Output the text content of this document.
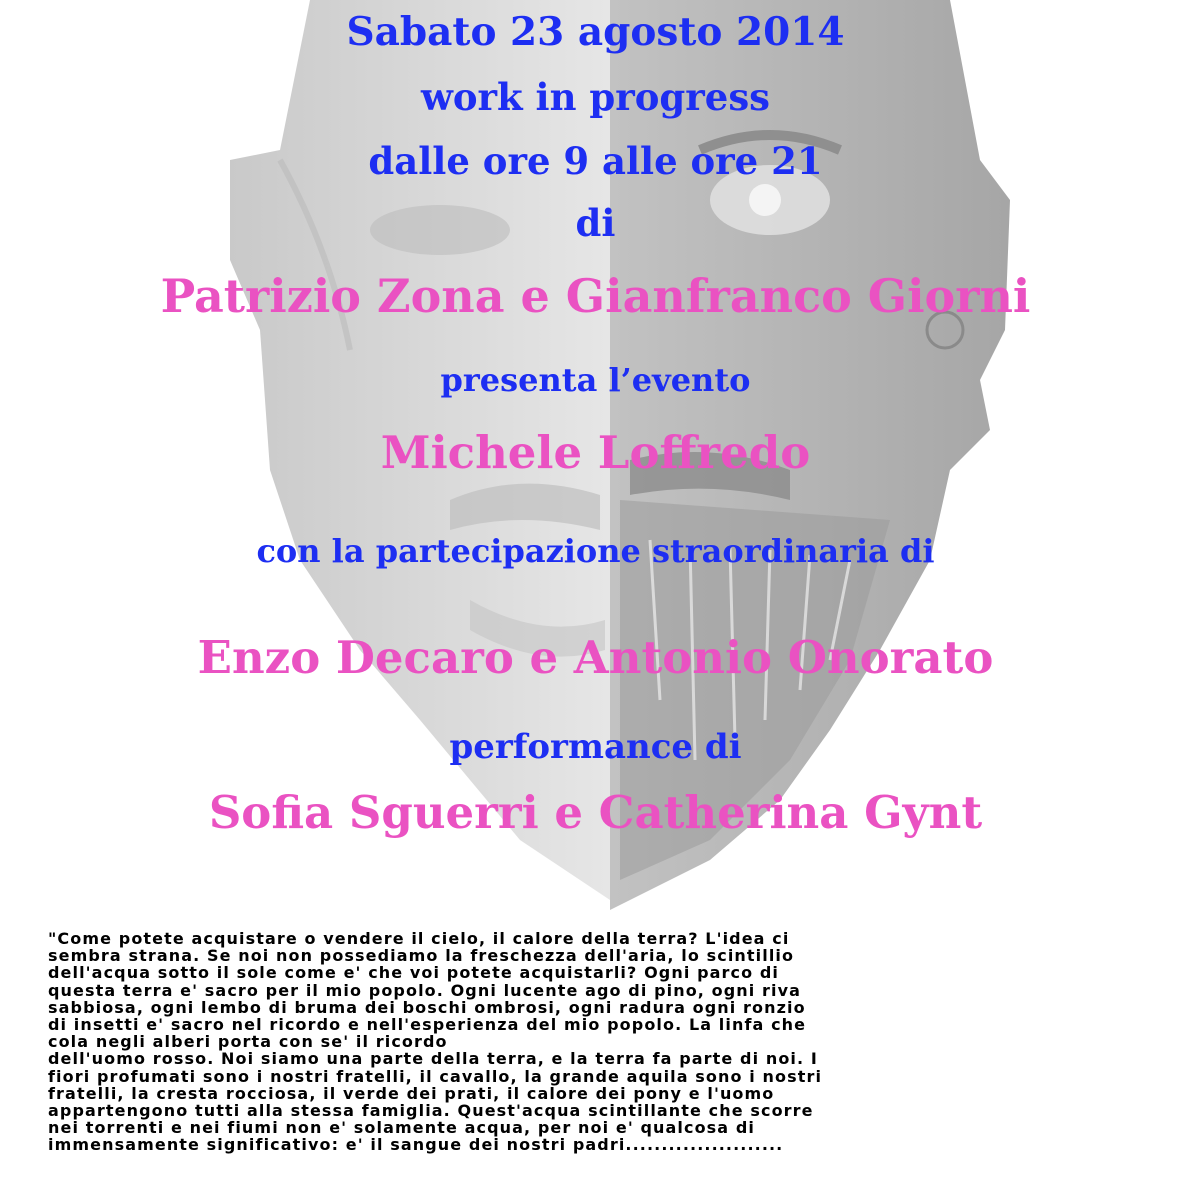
Sabato 23 agosto 2014
work in progress
dalle ore 9 alle ore 21
di
Patrizio Zona e Gianfranco Giorni
presenta l’evento
Michele Loffredo
con la partecipazione straordinaria di
Enzo Decaro e Antonio Onorato
performance di
Sofia Sguerri e Catherina Gynt
"Come potete acquistare o vendere il cielo, il calore della terra? L'idea ci
sembra strana. Se noi non possediamo la freschezza dell'aria, lo scintillio
dell'acqua sotto il sole come e' che voi potete acquistarli? Ogni parco di
questa terra e' sacro per il mio popolo. Ogni lucente ago di pino, ogni riva
sabbiosa, ogni lembo di bruma dei boschi ombrosi, ogni radura ogni ronzio
di insetti e' sacro nel ricordo e nell'esperienza del mio popolo. La linfa che
cola negli alberi porta con se' il ricordo
dell'uomo rosso. Noi siamo una parte della terra, e la terra fa parte di noi. I
fiori profumati sono i nostri fratelli, il cavallo, la grande aquila sono i nostri
fratelli, la cresta rocciosa, il verde dei prati, il calore dei pony e l'uomo
appartengono tutti alla stessa famiglia. Quest'acqua scintillante che scorre
nei torrenti e nei fiumi non e' solamente acqua, per noi e' qualcosa di
immensamente significativo: e' il sangue dei nostri padri......................
